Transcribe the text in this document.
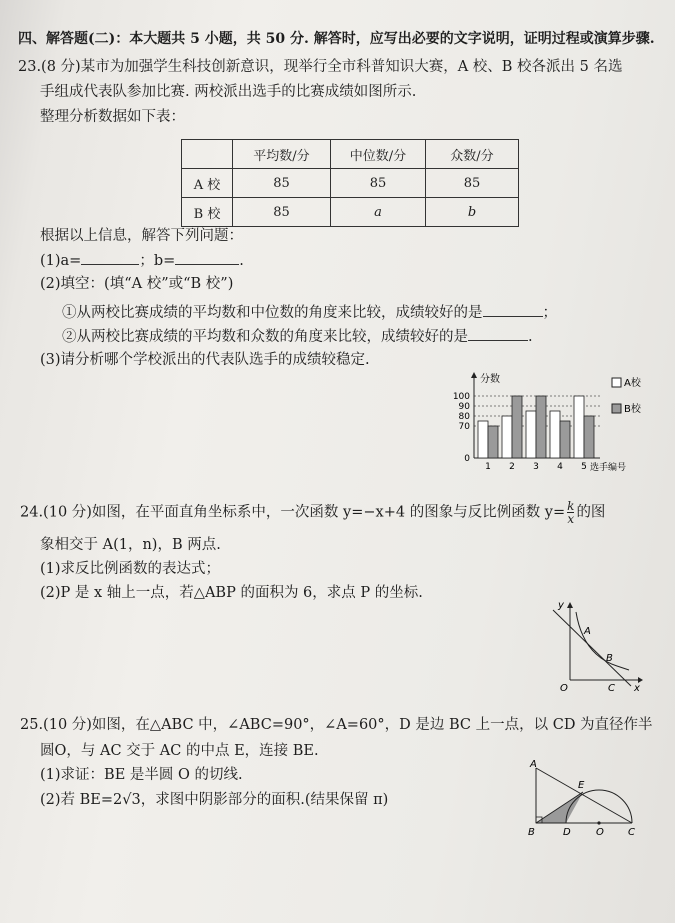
四、解答题(二)：本大题共 5 小题，共 50 分. 解答时，应写出必要的文字说明，证明过程或演算步骤.
23.(8 分)某市为加强学生科技创新意识，现举行全市科普知识大赛，A 校、B 校各派出 5 名选
手组成代表队参加比赛. 两校派出选手的比赛成绩如图所示.
整理分析数据如下表：
	平均数/分	中位数/分	众数/分
A 校	85	85	85
B 校	85	a	b
根据以上信息，解答下列问题：
(1)a=	；b=	.
(2)填空：(填“A 校”或“B 校”)
①从两校比赛成绩的平均数和中位数的角度来比较，成绩较好的是	；
②从两校比赛成绩的平均数和众数的角度来比较，成绩较好的是	.
(3)请分析哪个学校派出的代表队选手的成绩较稳定.
分数
选手编号
0
70
80
90
100
1 2 3 4 5
A校
B校
24.(10 分)如图，在平面直角坐标系中，一次函数 y=−x+4 的图象与反比例函数 $y= \frac{k}{x}$ 的图
象相交于 A(1，n)，B 两点.
(1)求反比例函数的表达式；
(2)P 是 x 轴上一点，若△ABP 的面积为 6，求点 P 的坐标.
y
A
B
O	C x
25.(10 分)如图，在△ABC 中，∠ABC=90°，∠A=60°，D 是边 BC 上一点，以 CD 为直径作半
圆O，与 AC 交于 AC 的中点 E，连接 BE.
(1)求证：BE 是半圆 O 的切线.
(2)若 BE=2√3，求图中阴影部分的面积.(结果保留 π)
A
E
B	D	O C
